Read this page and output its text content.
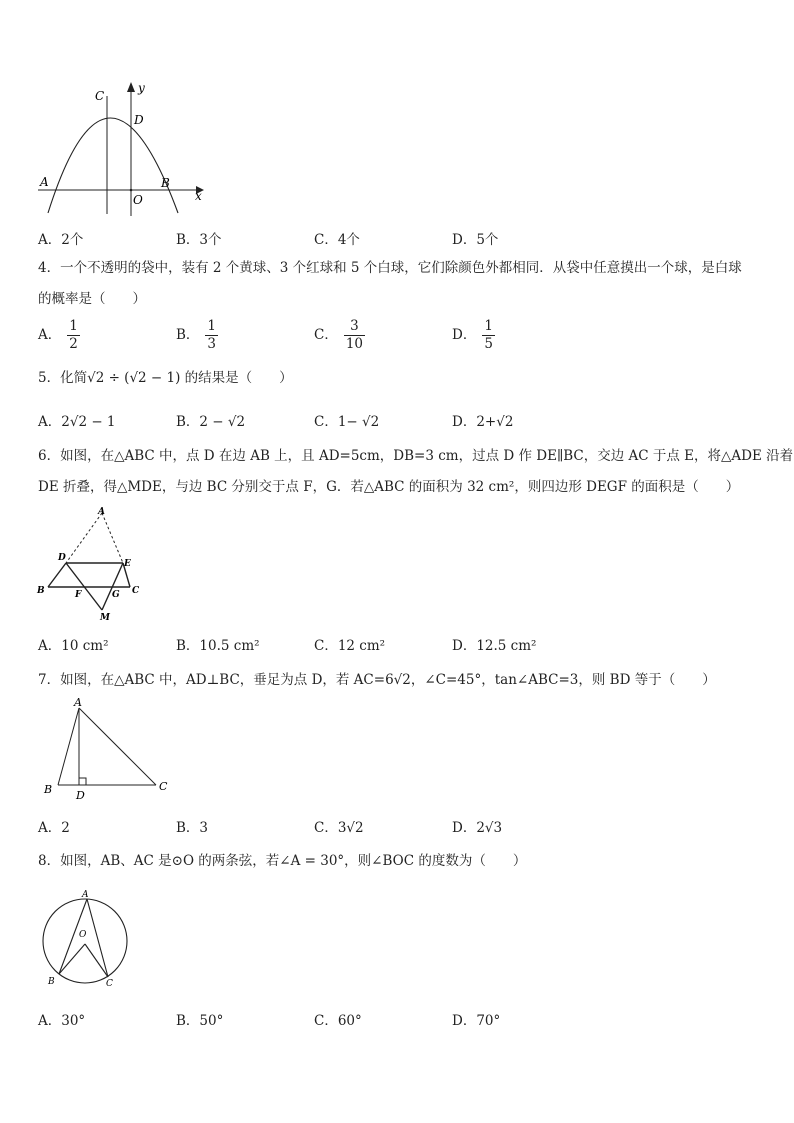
y
C
D
A	B
x
O
A．2个	B．3个	C．4个	D．5个
4．一个不透明的袋中，装有 2 个黄球、3 个红球和 5 个白球，它们除颜色外都相同．从袋中任意摸出一个球，是白球
的概率是（　　）
A． $\frac{1}{2}$	B． $\frac{1}{3}$	C． $\frac{3}{10}$	D． $\frac{1}{5}$
5．化简√2 ÷ (√2 − 1) 的结果是（　　）
A．2√2 − 1	B．2 − √2	C．1− √2	D．2+√2
6．如图，在△ABC 中，点 D 在边 AB 上，且 AD=5cm，DB=3 cm，过点 D 作 DE∥BC，交边 AC 于点 E，将△ADE 沿着
DE 折叠，得△MDE，与边 BC 分别交于点 F，G．若△ABC 的面积为 32 cm²，则四边形 DEGF 的面积是（　　）
A
D
E
B	F	G C
M
A．10 cm²	B．10.5 cm²	C．12 cm²	D．12.5 cm²
7．如图，在△ABC 中，AD⊥BC，垂足为点 D，若 AC=6√2，∠C=45°，tan∠ABC=3，则 BD 等于（　　）
A
B D
C
A．2	B．3	C．3√2	D．2√3
8．如图，AB、AC 是⊙O 的两条弦，若∠A = 30°，则∠BOC 的度数为（　　）
A
O
B	C
A．30°	B．50°	C．60°	D．70°
